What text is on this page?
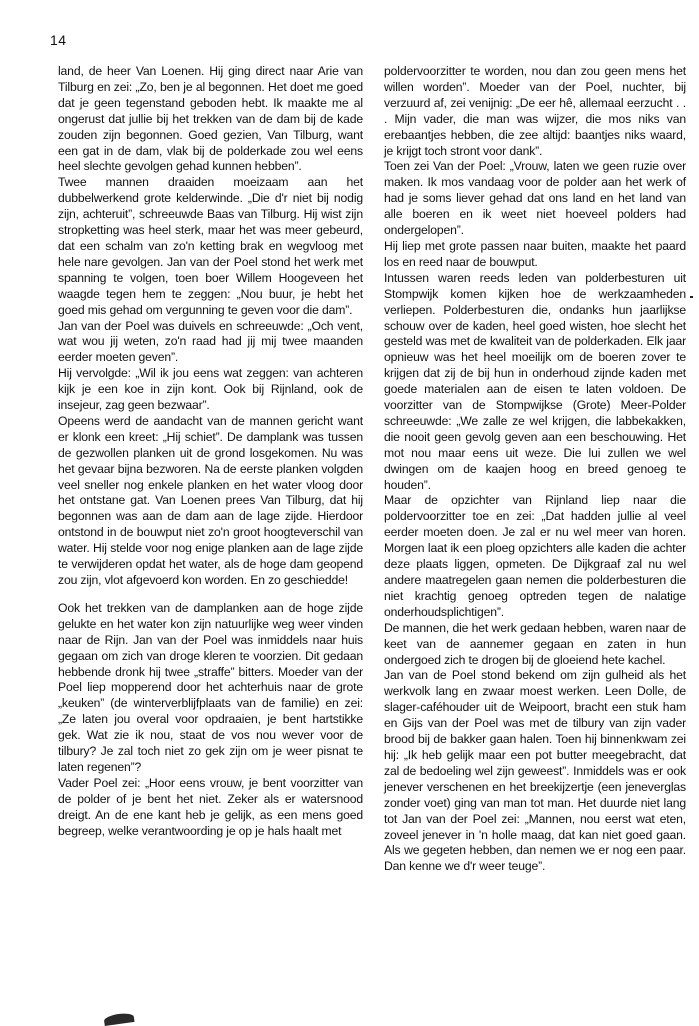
14

land, de heer Van Loenen. Hij ging direct naar Arie van Tilburg en zei: „Zo, ben je al begonnen. Het doet me goed dat je geen tegenstand geboden hebt. Ik maakte me al ongerust dat jullie bij het trekken van de dam bij de kade zouden zijn begonnen. Goed gezien, Van Tilburg, want een gat in de dam, vlak bij de polderkade zou wel eens heel slechte gevolgen gehad kunnen hebben”.

Twee mannen draaiden moeizaam aan het dubbelwerkend grote kelderwinde. „Die d'r niet bij nodig zijn, achteruit”, schreeuwde Baas van Tilburg. Hij wist zijn stropketting was heel sterk, maar het was meer gebeurd, dat een schalm van zo'n ketting brak en wegvloog met hele nare gevolgen. Jan van der Poel stond het werk met spanning te volgen, toen boer Willem Hoogeveen het waagde tegen hem te zeggen: „Nou buur, je hebt het goed mis gehad om vergunning te geven voor die dam”.

Jan van der Poel was duivels en schreeuwde: „Och vent, wat wou jij weten, zo'n raad had jij mij twee maanden eerder moeten geven”.

Hij vervolgde: „Wil ik jou eens wat zeggen: van achteren kijk je een koe in zijn kont. Ook bij Rijnland, ook de insejeur, zag geen bezwaar”.

Opeens werd de aandacht van de mannen gericht want er klonk een kreet: „Hij schiet”. De damplank was tussen de gezwollen planken uit de grond losgekomen. Nu was het gevaar bijna bezworen. Na de eerste planken volgden veel sneller nog enkele planken en het water vloog door het ontstane gat. Van Loenen prees Van Tilburg, dat hij begonnen was aan de dam aan de lage zijde. Hierdoor ontstond in de bouwput niet zo'n groot hoogteverschil van water. Hij stelde voor nog enige planken aan de lage zijde te verwijderen opdat het water, als de hoge dam geopend zou zijn, vlot afgevoerd kon worden. En zo geschiedde!

Ook het trekken van de damplanken aan de hoge zijde gelukte en het water kon zijn natuurlijke weg weer vinden naar de Rijn. Jan van der Poel was inmiddels naar huis gegaan om zich van droge kleren te voorzien. Dit gedaan hebbende dronk hij twee „straffe” bitters. Moeder van der Poel liep mopperend door het achterhuis naar de grote „keuken” (de winterverblijfplaats van de familie) en zei: „Ze laten jou overal voor opdraaien, je bent hartstikke gek. Wat zie ik nou, staat de vos nou wever voor de tilbury? Je zal toch niet zo gek zijn om je weer pisnat te laten regenen”?

Vader Poel zei: „Hoor eens vrouw, je bent voorzitter van de polder of je bent het niet. Zeker als er watersnood dreigt. An de ene kant heb je gelijk, as een mens goed begreep, welke verantwoording je op je hals haalt met

poldervoorzitter te worden, nou dan zou geen mens het willen worden”. Moeder van der Poel, nuchter, bij verzuurd af, zei venijnig: „De eer hê, allemaal eerzucht . . . Mijn vader, die man was wijzer, die mos niks van erebaantjes hebben, die zee altijd: baantjes niks waard, je krijgt toch stront voor dank”.

Toen zei Van der Poel: „Vrouw, laten we geen ruzie over maken. Ik mos vandaag voor de polder aan het werk of had je soms liever gehad dat ons land en het land van alle boeren en ik weet niet hoeveel polders had ondergelopen”.

Hij liep met grote passen naar buiten, maakte het paard los en reed naar de bouwput.

Intussen waren reeds leden van polderbesturen uit Stompwijk komen kijken hoe de werkzaamheden verliepen. Polderbesturen die, ondanks hun jaarlijkse schouw over de kaden, heel goed wisten, hoe slecht het gesteld was met de kwaliteit van de polderkaden. Elk jaar opnieuw was het heel moeilijk om de boeren zover te krijgen dat zij de bij hun in onderhoud zijnde kaden met goede materialen aan de eisen te laten voldoen. De voorzitter van de Stompwijkse (Grote) Meer-Polder schreeuwde: „We zalle ze wel krijgen, die labbekakken, die nooit geen gevolg geven aan een beschouwing. Het mot nou maar eens uit weze. Die lui zullen we wel dwingen om de kaajen hoog en breed genoeg te houden”.

Maar de opzichter van Rijnland liep naar die poldervoorzitter toe en zei: „Dat hadden jullie al veel eerder moeten doen. Je zal er nu wel meer van horen. Morgen laat ik een ploeg opzichters alle kaden die achter deze plaats liggen, opmeten. De Dijkgraaf zal nu wel andere maatregelen gaan nemen die polderbesturen die niet krachtig genoeg optreden tegen de nalatige onderhoudsplichtigen”.

De mannen, die het werk gedaan hebben, waren naar de keet van de aannemer gegaan en zaten in hun ondergoed zich te drogen bij de gloeiend hete kachel.

Jan van de Poel stond bekend om zijn gulheid als het werkvolk lang en zwaar moest werken. Leen Dolle, de slager-caféhouder uit de Weipoort, bracht een stuk ham en Gijs van der Poel was met de tilbury van zijn vader brood bij de bakker gaan halen. Toen hij binnenkwam zei hij: „Ik heb gelijk maar een pot butter meegebracht, dat zal de bedoeling wel zijn geweest”. Inmiddels was er ook jenever verschenen en het breekijzertje (een jeneverglas zonder voet) ging van man tot man. Het duurde niet lang tot Jan van der Poel zei: „Mannen, nou eerst wat eten, zoveel jenever in 'n holle maag, dat kan niet goed gaan. Als we gegeten hebben, dan nemen we er nog een paar. Dan kenne we d'r weer teuge”.
